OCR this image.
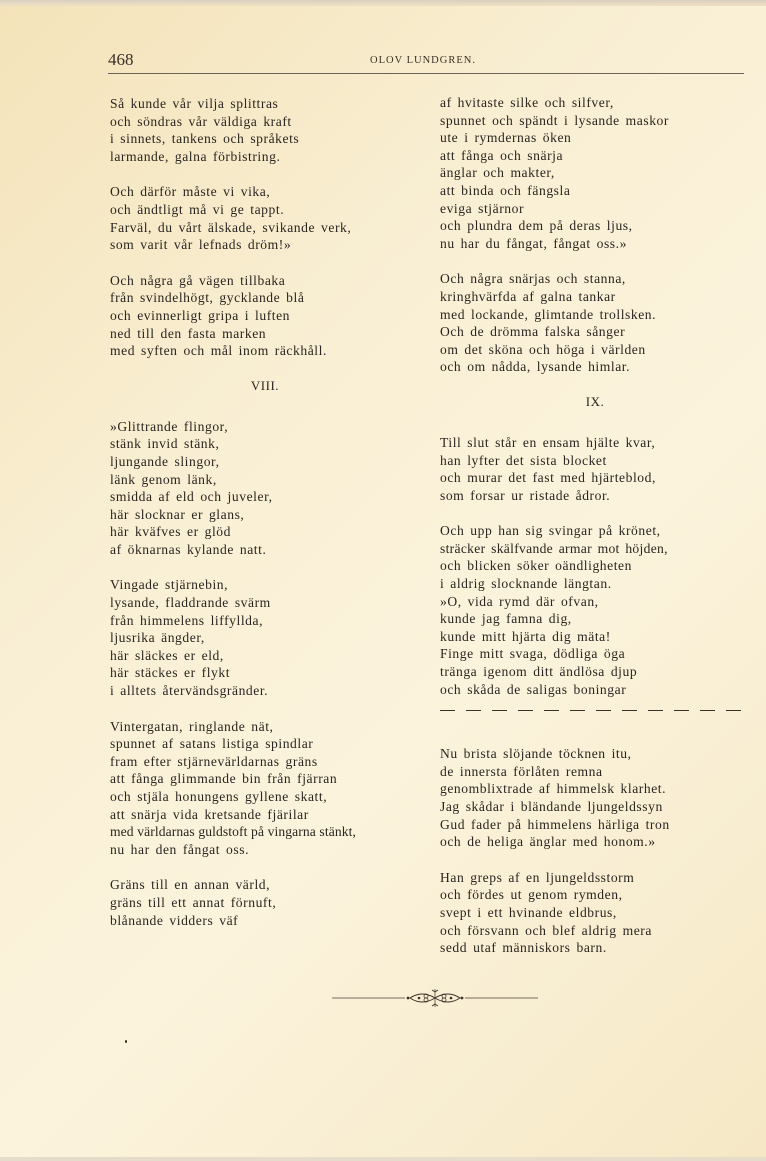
468	OLOV LUNDGREN.
Så kunde vår vilja splittras
och söndras vår väldiga kraft
i sinnets, tankens och språkets
larmande, galna förbistring.
Och därför måste vi vika,
och ändtligt må vi ge tappt.
Farväl, du vårt älskade, svikande verk,
som varit vår lefnads dröm!»
Och några gå vägen tillbaka
från svindelhögt, gycklande blå
och evinnerligt gripa i luften
ned till den fasta marken
med syften och mål inom räckhåll.
VIII.
»Glittrande flingor,
stänk invid stänk,
ljungande slingor,
länk genom länk,
smidda af eld och juveler,
här slocknar er glans,
här kväfves er glöd
af öknarnas kylande natt.
Vingade stjärnebin,
lysande, fladdrande svärm
från himmelens liffyllda,
ljusrika ängder,
här släckes er eld,
här stäckes er flykt
i alltets återvändsgränder.
Vintergatan, ringlande nät,
spunnet af satans listiga spindlar
fram efter stjärnevärldarnas gräns
att fånga glimmande bin från fjärran
och stjäla honungens gyllene skatt,
att snärja vida kretsande fjärilar
med världarnas guldstoft på vingarna stänkt,
nu har den fångat oss.
Gräns till en annan värld,
gräns till ett annat förnuft,
blånande vidders väf
af hvitaste silke och silfver,
spunnet och spändt i lysande maskor
ute i rymdernas öken
att fånga och snärja
änglar och makter,
att binda och fängsla
eviga stjärnor
och plundra dem på deras ljus,
nu har du fångat, fångat oss.»
Och några snärjas och stanna,
kringhvärfda af galna tankar
med lockande, glimtande trollsken.
Och de drömma falska sånger
om det sköna och höga i världen
och om nådda, lysande himlar.
IX.
Till slut står en ensam hjälte kvar,
han lyfter det sista blocket
och murar det fast med hjärteblod,
som forsar ur ristade ådror.
Och upp han sig svingar på krönet,
sträcker skälfvande armar mot höjden,
och blicken söker oändligheten
i aldrig slocknande längtan.
»O, vida rymd där ofvan,
kunde jag famna dig,
kunde mitt hjärta dig mäta!
Finge mitt svaga, dödliga öga
tränga igenom ditt ändlösa djup
och skåda de saligas boningar
Nu brista slöjande töcknen itu,
de innersta förlåten remna
genomblixtrade af himmelsk klarhet.
Jag skådar i bländande ljungeldssyn
Gud fader på himmelens härliga tron
och de heliga änglar med honom.»
Han greps af en ljungeldsstorm
och fördes ut genom rymden,
svept i ett hvinande eldbrus,
och försvann och blef aldrig mera
sedd utaf människors barn.
